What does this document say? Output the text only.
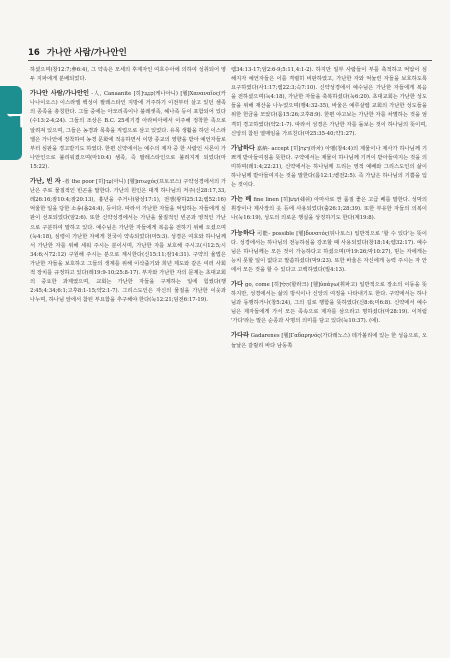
16 가나안 사람/가나안인
ㄱ

하셨으며(창12:7;參6:4), 그 약속은 모세의 후계자인 여호수아에 의하여 성취되어 영두 지파에게 분배되었다.

가나안 사람/가나안인 -人, Canaanite [히]כְּנַעֲנִי(케나아니) [헬]Χαναναῖος(카나나이오스) 이스라엘 백성이 팔레스타인 지방에 거주하기 이전부터 살고 있던 셈족의 종족을 총칭한다. 그들 중에는 아모리족이나 블레셋족, 헤나족 등이 포함되어 있다(수13:2-4;24). 그들의 조상은 B.C. 25세기경 아라비아에서 이주해 정착한 족으로 알려져 있으며, 그들은 농경과 목축을 직업으로 삼고 있었다. 유목 생활을 하던 이스라엘은 가나안에 정착하여 농경 문화에 적응하면서 이방 종교의 영향을 받아 예언자들로부터 심판을 경고받기도 하였다. 한편 신약에서는 예수의 제자 중 한 사람인 시몬이 가나안인으로 불리워졌으며(마10:4) 셈족, 즉 팔레스타인으로 불려지게 되었다(마15:22).

가난, 빈 자 -者 the poor [히]עָנִי(아니) [헬]πτωχός(프토코스) 구약성경에서의 가난은 주로 물질적인 빈곤을 말한다. 가난의 원인은 대개 하나님의 저주(신28:17,33, 레26:16;잠10:4;잠20:13), 흉년을 주거나(왕상17:1), 전쟁(왕하25:12;렘52:16) 억울한 일을 당한 소송(욥24:4), 등이다. 따라서 가난한 자들을 억압하는 자들에게 심판이 선포되었다(암2:6). 또한 신약성경에서는 가난을 물질적인 빈곤과 영적인 가난으로 구분하여 말하고 있다. 예수님은 가난한 자들에게 복음을 전하기 위해 오셨으며(눅4:18), 심령이 가난한 자에게 천국이 약속되었다(마5:3). 성경은 여호와 하나님께서 가난한 자를 위해 세워 주시는 분이시며, 가난한 자를 보호해 주시고(시12:5;시34:6;시72:12) 구원해 주시는 분으로 계시한다(신15:11;잠14:31). 구약의 율법은 가난한 자들을 보호하고 그들의 생계를 위해 이삭줍기와 희년 제도와 같은 여러 사회적 장치를 규정하고 있다(레19:9-10;25:8-17). 부자와 가난한 자의 문제는 초대교회의 중요한 과제였으며, 교회는 가난한 자들을 구제하는 일에 힘썼다(행2:45;4:34;6:1;고후8:1-15;약2:1-7). 그리스도인은 자신의 물질을 가난한 이웃과 나누며, 하나님 앞에서 참된 부요함을 추구해야 한다(눅12:21;딤전6:17-19).

렘34:13-17;암2:6-9;5:11,4:1-2). 하지만 일부 사람들이 부를 축적하고 억압이 심해지자 예언자들은 이를 격렬히 비판하였고, 가난한 자와 억눌린 자들을 보호하도록 요구하였다(사1:17;렘22:3;슥7:10). 신약성경에서 예수님은 가난한 자들에게 복음을 전하셨으며(눅4:18), 가난한 자들을 축복하셨다(눅6:20). 초대교회는 가난한 성도들을 위해 재산을 나누었으며(행4:32-35), 바울은 예루살렘 교회의 가난한 성도들을 위한 헌금을 모았다(롬15:26;고후8:9). 한편 야고보는 가난한 자를 차별하는 것을 엄격히 경고하였다(약2:1-7). 따라서 성경은 가난한 자를 돌보는 것이 하나님의 뜻이며, 신앙의 참된 열매임을 가르친다(마25:35-40;약1:27).

가납하다 嘉納- accept [히]רָצָה(라차) 아벨(창4:4)의 제물이나 제사가 하나님께 기쁘게 받아들여짐을 뜻한다. 구약에서는 제물이 하나님께 기꺼이 받아들여지는 것을 의미하며(레1:4;22:21), 신약에서는 하나님께 드리는 영적 예배와 그리스도인의 삶이 하나님께 받아들여지는 것을 말한다(롬12:1;벧전2:5). 즉 가납은 하나님의 기쁨을 입는 것이다.

가는 베 fine linen [히]שֵׁשׁ(쉐쉬) 아마사로 짠 품질 좋은 고급 베를 말한다. 성막의 휘장이나 제사장의 옷 등에 사용되었다(출26:1;28:39). 또한 부유한 자들의 의복이나(눅16:19), 성도의 의로운 행실을 상징하기도 한다(계19:8).

가능하다 可能- possible [헬]δυνατός(뒤나토스) 일반적으로 '할 수 있다'는 뜻이다. 성경에서는 하나님의 전능하심을 강조할 때 사용되었다(창18:14;렘32:17). 예수님은 하나님께는 모든 것이 가능하다고 하셨으며(마19:26;막10:27), 믿는 자에게는 능치 못할 일이 없다고 말씀하셨다(막9:23). 또한 바울은 자신에게 능력 주시는 자 안에서 모든 것을 할 수 있다고 고백하였다(빌4:13).

가다 go, come [히]הָלַךְ(할라크) [헬]ὑπάγω(휘파고) 일반적으로 장소의 이동을 뜻하지만, 성경에서는 삶의 방식이나 신앙의 여정을 나타내기도 한다. 구약에서는 하나님과 동행하거나(창5:24), 그의 길로 행함을 뜻하였다(신8:6;미6:8). 신약에서 예수님은 제자들에게 가서 모든 족속으로 제자를 삼으라고 명하셨다(마28:19). 이처럼 '가다'라는 말은 순종과 사명의 의미를 담고 있다(눅10:37). (에).

가다라 Gadarenes [헬]Γαδαρηνός(가다레노스) 데가볼리에 있는 한 성읍으로, 오늘날은 갈릴리 바다 남동쪽
